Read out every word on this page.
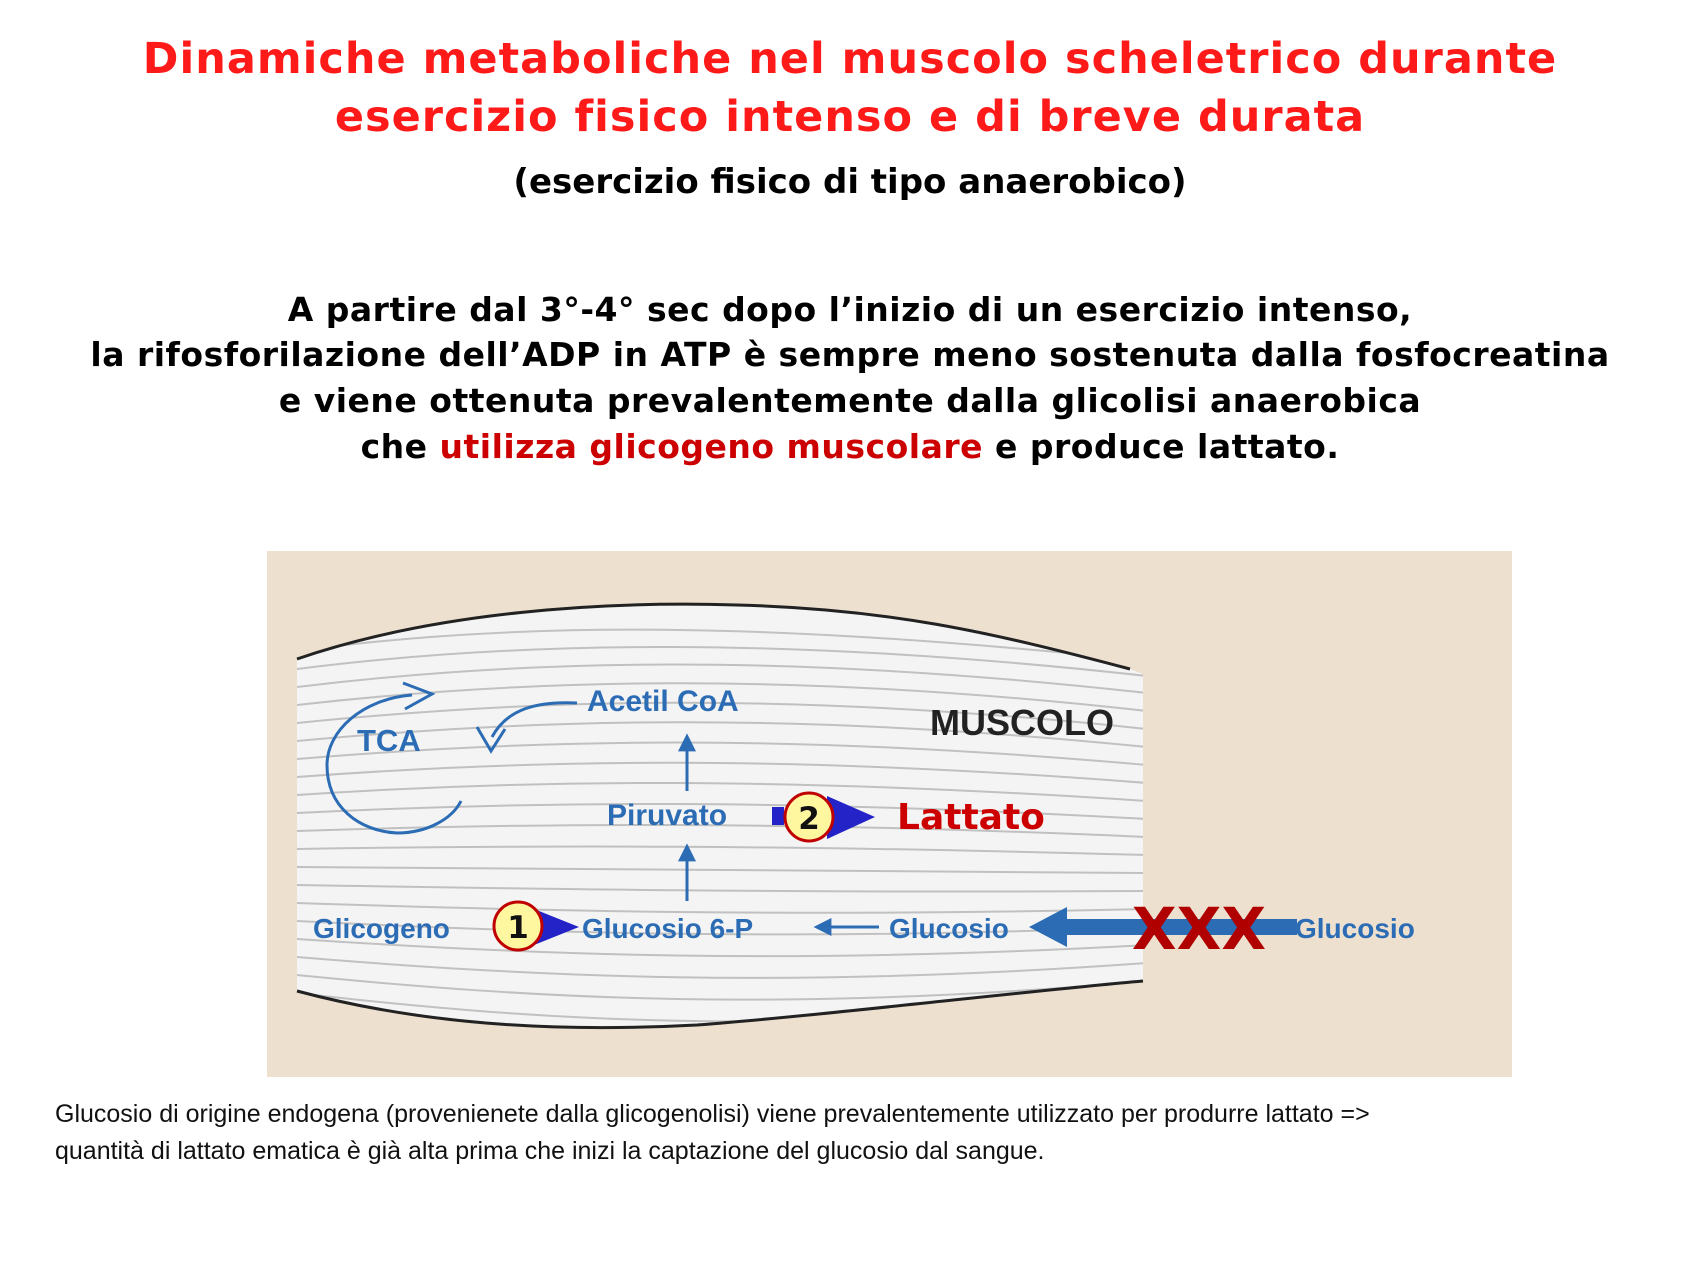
Dinamiche metaboliche nel muscolo scheletrico durante
esercizio fisico intenso e di breve durata
(esercizio fisico di tipo anaerobico)
A partire dal 3°-4° sec dopo l’inizio di un esercizio intenso,
la rifosforilazione dell’ADP in ATP è sempre meno sostenuta dalla fosfocreatina
e viene ottenuta prevalentemente dalla glicolisi anaerobica
che utilizza glicogeno muscolare e produce lattato.
MUSCOLO
TCA
Acetil CoA
Piruvato 2 Lattato
Glicogeno 1 Glucosio 6-P	Glucosio XXX Glucosio
Glucosio di origine endogena (provenienete dalla glicogenolisi) viene prevalentemente utilizzato per produrre lattato =>
quantità di lattato ematica è già alta prima che inizi la captazione del glucosio dal sangue.
